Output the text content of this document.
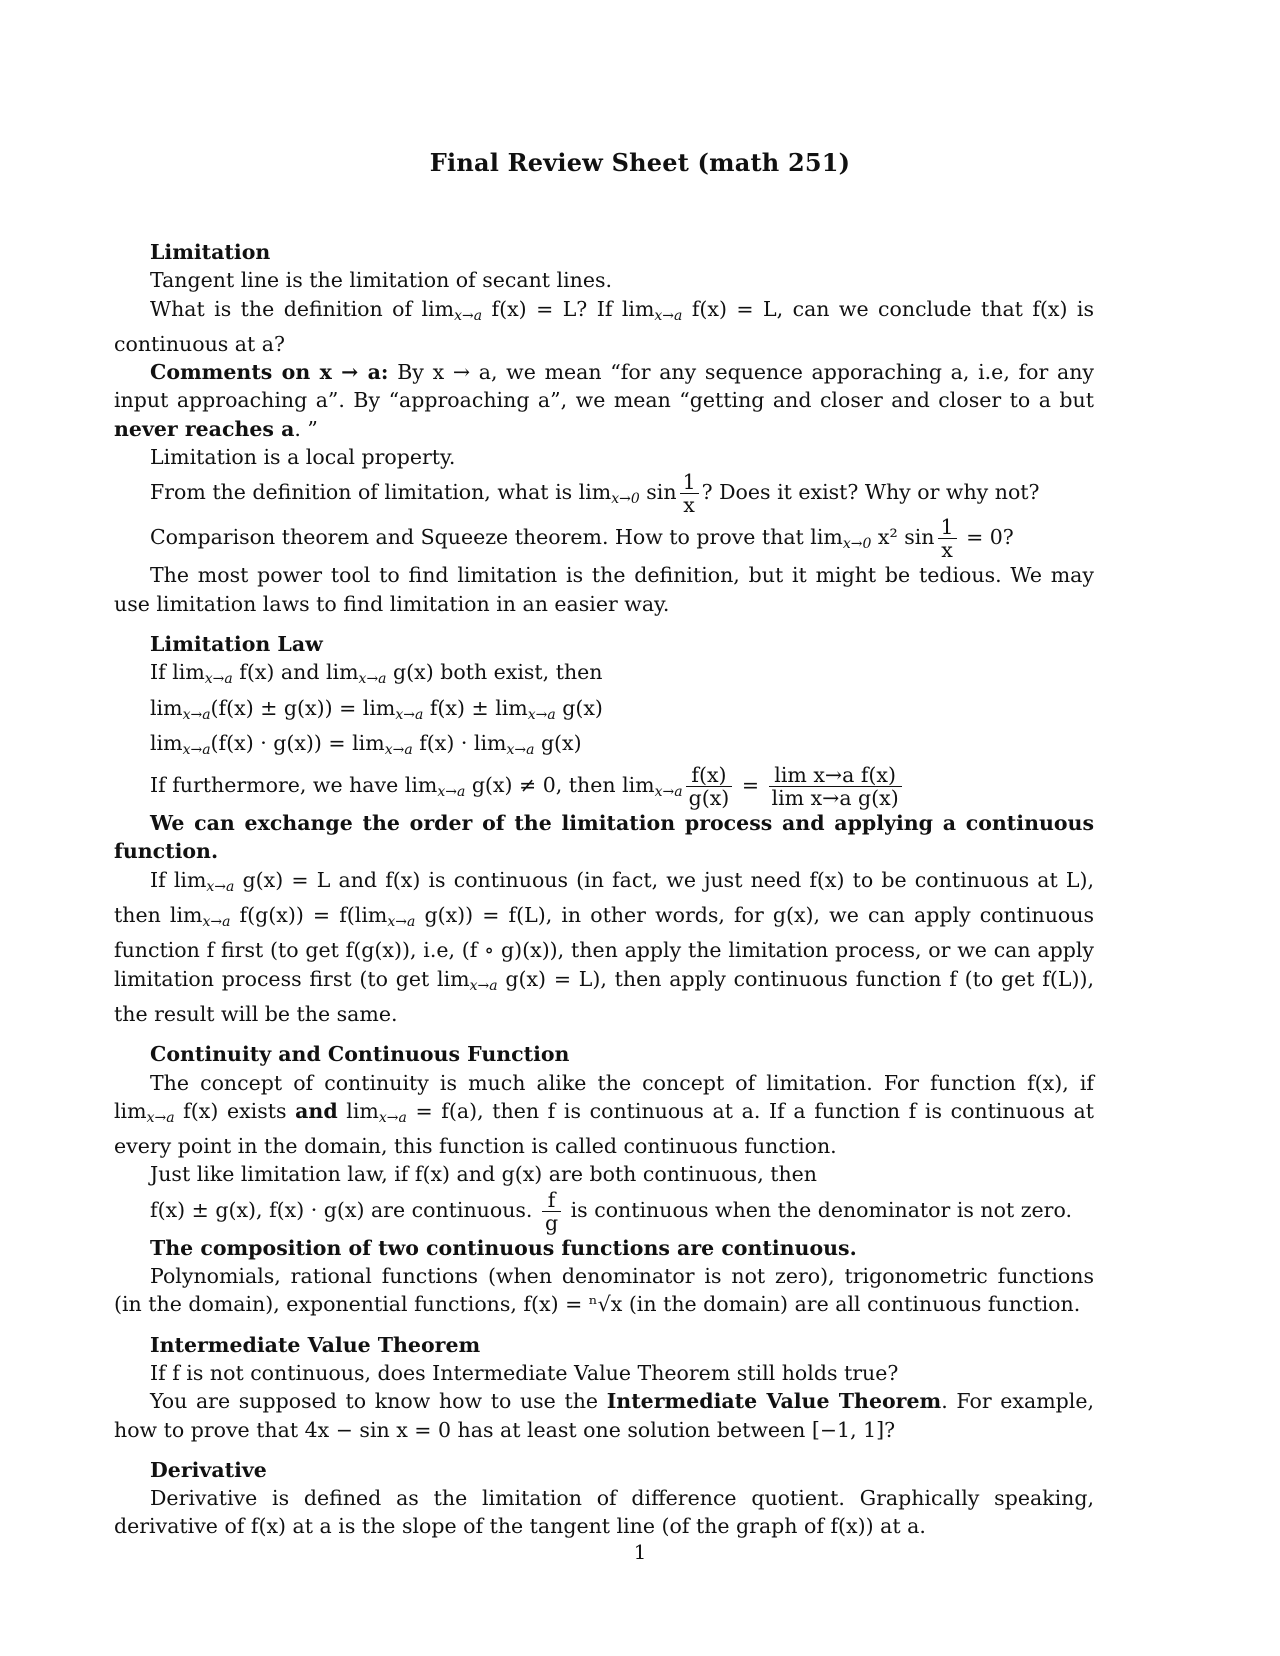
Final Review Sheet (math 251)

Limitation

Tangent line is the limitation of secant lines.

What is the definition of $\lim_{x\to a} f(x) = L$? If $\lim_{x\to a} f(x) = L$, can we conclude that f(x) is continuous at a?

Comments on x → a: By x → a, we mean “for any sequence apporaching a, i.e, for any input approaching a”. By “approaching a”, we mean “getting and closer and closer to a but never reaches a. ”

Limitation is a local property.

From the definition of limitation, what is $\lim_{x\to 0} \sin \frac{1}{x}$ ? Does it exist? Why or why not?

Comparison theorem and Squeeze theorem. How to prove that $\lim_{x\to 0} x^2$ $\sin \frac{1}{x} = 0$?

The most power tool to find limitation is the definition, but it might be tedious. We may use limitation laws to find limitation in an easier way.

Limitation Law

If $\lim_{x\to a} f(x)$ and $\lim_{x\to a} g(x)$ both exist, then

$\lim_{x\to a}(f(x) \pm g(x)) = \lim_{x\to a} f(x) \pm \lim_{x\to a} g(x)$

$\lim_{x\to a}(f(x) \cdot g(x)) = \lim_{x\to a} f(x) \cdot \lim_{x\to a} g(x)$

If furthermore, we have $\lim_{x\to a} g(x) \ne 0$, then $\lim_{x\to a} \frac{f(x)}{g(x)} = \frac{\text{lim x→a f(x)}}{\text{lim x→a g(x)}}$

We can exchange the order of the limitation process and applying a continuous function.

If $\lim_{x\to a} g(x) = L$ and f(x) is continuous (in fact, we just need f(x) to be continuous at L), then $\lim_{x\to a} f(g(x)) = f(\lim_{x\to a}$ g(x)) = f(L), in other words, for g(x), we can apply continuous function f first (to get f(g(x)), i.e, (f ∘ g)(x)), then apply the limitation process, or we can apply limitation process first (to get $\lim_{x\to a} g(x) = L$), then apply continuous function f (to get f(L)), the result will be the same.

Continuity and Continuous Function

The concept of continuity is much alike the concept of limitation. For function f(x), if $\lim_{x\to a} f(x)$ exists and $\lim_{x\to a} = f(a)$, then f is continuous at a. If a function f is continuous at every point in the domain, this function is called continuous function.

Just like limitation law, if f(x) and g(x) are both continuous, then

f(x) ± g(x), f(x) · g(x) are continuous. $\frac{f}{g}$ is continuous when the denominator is not zero.

The composition of two continuous functions are continuous.

Polynomials, rational functions (when denominator is not zero), trigonometric functions (in the domain), exponential functions, f(x) = ⁿ√x (in the domain) are all continuous function.

Intermediate Value Theorem

If f is not continuous, does Intermediate Value Theorem still holds true?

You are supposed to know how to use the Intermediate Value Theorem. For example, how to prove that 4x − sin x = 0 has at least one solution between [−1, 1]?

Derivative

Derivative is defined as the limitation of difference quotient. Graphically speaking, derivative of f(x) at a is the slope of the tangent line (of the graph of f(x)) at a.

1
